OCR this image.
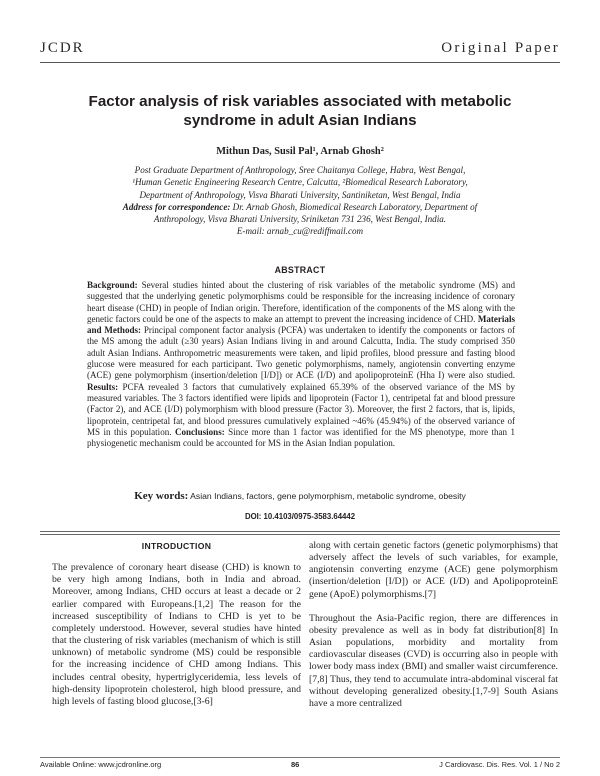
JCDR	Original Paper
Factor analysis of risk variables associated with metabolic syndrome in adult Asian Indians
Mithun Das, Susil Pal¹, Arnab Ghosh²
Post Graduate Department of Anthropology, Sree Chaitanya College, Habra, West Bengal,
¹Human Genetic Engineering Research Centre, Calcutta, ²Biomedical Research Laboratory,
Department of Anthropology, Visva Bharati University, Santiniketan, West Bengal, India
Address for correspondence: Dr. Arnab Ghosh, Biomedical Research Laboratory, Department of
Anthropology, Visva Bharati University, Sriniketan 731 236, West Bengal, India.
E-mail: arnab_cu@rediffmail.com
ABSTRACT
Background: Several studies hinted about the clustering of risk variables of the metabolic syndrome (MS) and suggested that the underlying genetic polymorphisms could be responsible for the increasing incidence of coronary heart disease (CHD) in people of Indian origin. Therefore, identification of the components of the MS along with the genetic factors could be one of the aspects to make an attempt to prevent the increasing incidence of CHD. Materials and Methods: Principal component factor analysis (PCFA) was undertaken to identify the components or factors of the MS among the adult (≥30 years) Asian Indians living in and around Calcutta, India. The study comprised 350 adult Asian Indians. Anthropometric measurements were taken, and lipid profiles, blood pressure and fasting blood glucose were measured for each participant. Two genetic polymorphisms, namely, angiotensin converting enzyme (ACE) gene polymorphism (insertion/deletion [I/D]) or ACE (I/D) and apolipoproteinE (Hha I) were also studied. Results: PCFA revealed 3 factors that cumulatively explained 65.39% of the observed variance of the MS by measured variables. The 3 factors identified were lipids and lipoprotein (Factor 1), centripetal fat and blood pressure (Factor 2), and ACE (I/D) polymorphism with blood pressure (Factor 3). Moreover, the first 2 factors, that is, lipids, lipoprotein, centripetal fat, and blood pressures cumulatively explained ~46% (45.94%) of the observed variance of MS in this population. Conclusions: Since more than 1 factor was identified for the MS phenotype, more than 1 physiogenetic mechanism could be accounted for MS in the Asian Indian population.
Key words: Asian Indians, factors, gene polymorphism, metabolic syndrome, obesity
DOI: 10.4103/0975-3583.64442
INTRODUCTION

The prevalence of coronary heart disease (CHD) is known to be very high among Indians, both in India and abroad. Moreover, among Indians, CHD occurs at least a decade or 2 earlier compared with Europeans.[1,2] The reason for the increased susceptibility of Indians to CHD is yet to be completely understood. However, several studies have hinted that the clustering of risk variables (mechanism of which is still unknown) of metabolic syndrome (MS) could be responsible for the increasing incidence of CHD among Indians. This includes central obesity, hypertriglyceridemia, less levels of high-density lipoprotein cholesterol, high blood pressure, and high levels of fasting blood glucose,[3-6]

along with certain genetic factors (genetic polymorphisms) that adversely affect the levels of such variables, for example, angiotensin converting enzyme (ACE) gene polymorphism (insertion/deletion [I/D]) or ACE (I/D) and ApolipoproteinE gene (ApoE) polymorphisms.[7]

Throughout the Asia-Pacific region, there are differences in obesity prevalence as well as in body fat distribution[8] In Asian populations, morbidity and mortality from cardiovascular diseases (CVD) is occurring also in people with lower body mass index (BMI) and smaller waist circumference.[7,8] Thus, they tend to accumulate intra-abdominal visceral fat without developing generalized obesity.[1,7-9] South Asians have a more centralized

Available Online: www.jcdronline.org	86	J Cardiovasc. Dis. Res. Vol. 1 / No 2
